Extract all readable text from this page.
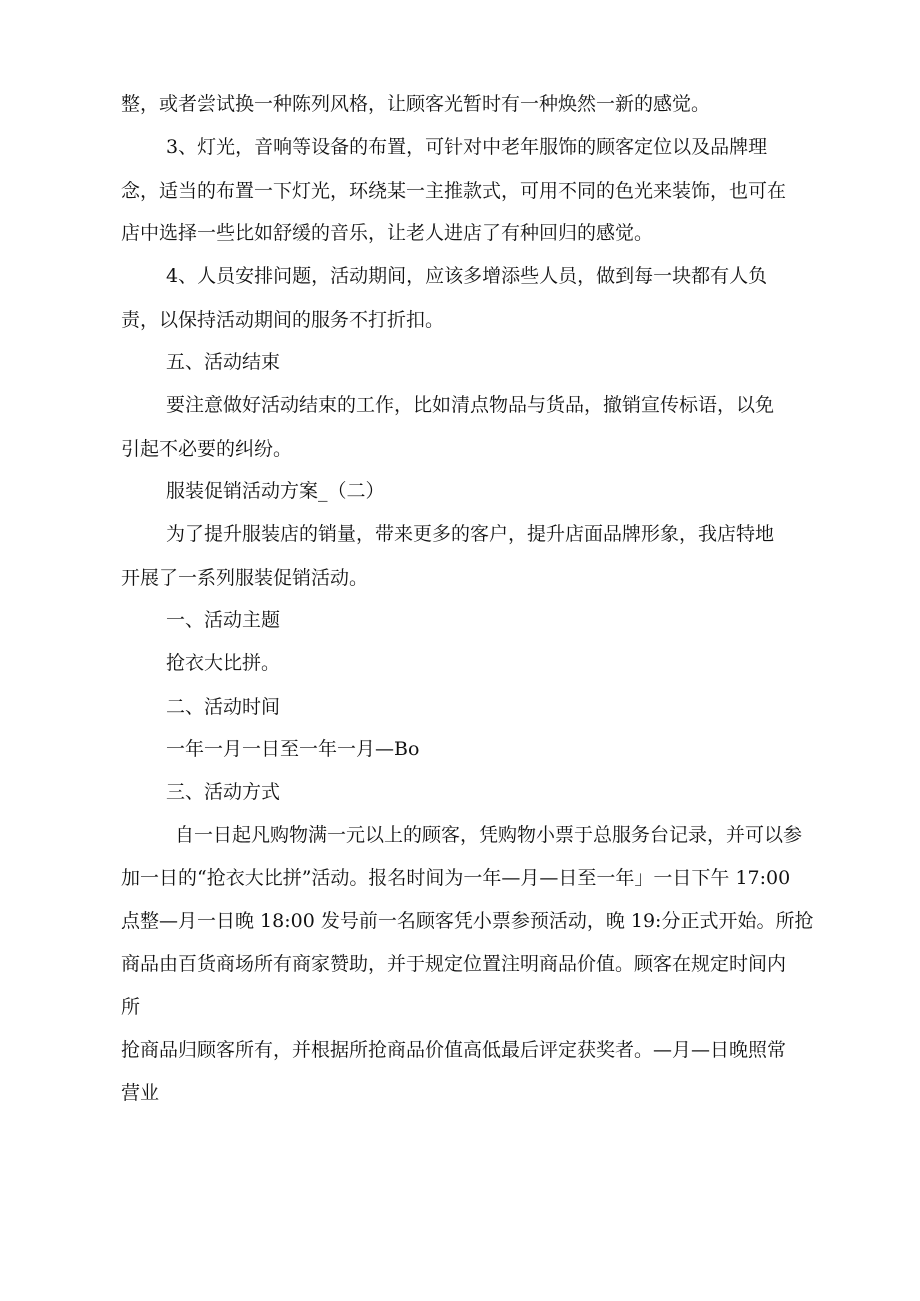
整，或者尝试换一种陈列风格，让顾客光暂时有一种焕然一新的感觉。
3、灯光，音响等设备的布置，可针对中老年服饰的顾客定位以及品牌理
念，适当的布置一下灯光，环绕某一主推款式，可用不同的色光来装饰，也可在
店中选择一些比如舒缓的音乐，让老人进店了有种回归的感觉。
4、人员安排问题，活动期间，应该多增添些人员，做到每一块都有人负
责，以保持活动期间的服务不打折扣。
五、活动结束
要注意做好活动结束的工作，比如清点物品与货品，撤销宣传标语，以免
引起不必要的纠纷。
服装促销活动方案_（二）
为了提升服装店的销量，带来更多的客户，提升店面品牌形象，我店特地
开展了一系列服装促销活动。
一、活动主题
抢衣大比拼。
二、活动时间
一年一月一日至一年一月—Bo
三、活动方式
自一日起凡购物满一元以上的顾客，凭购物小票于总服务台记录，并可以参
加一日的“抢衣大比拼”活动。报名时间为一年—月—日至一年」一日下午 17:00
点整—月一日晚 18:00 发号前一名顾客凭小票参预活动，晚 19:分正式开始。所抢
商品由百货商场所有商家赞助，并于规定位置注明商品价值。顾客在规定时间内
所
抢商品归顾客所有，并根据所抢商品价值高低最后评定获奖者。—月—日晚照常
营业
